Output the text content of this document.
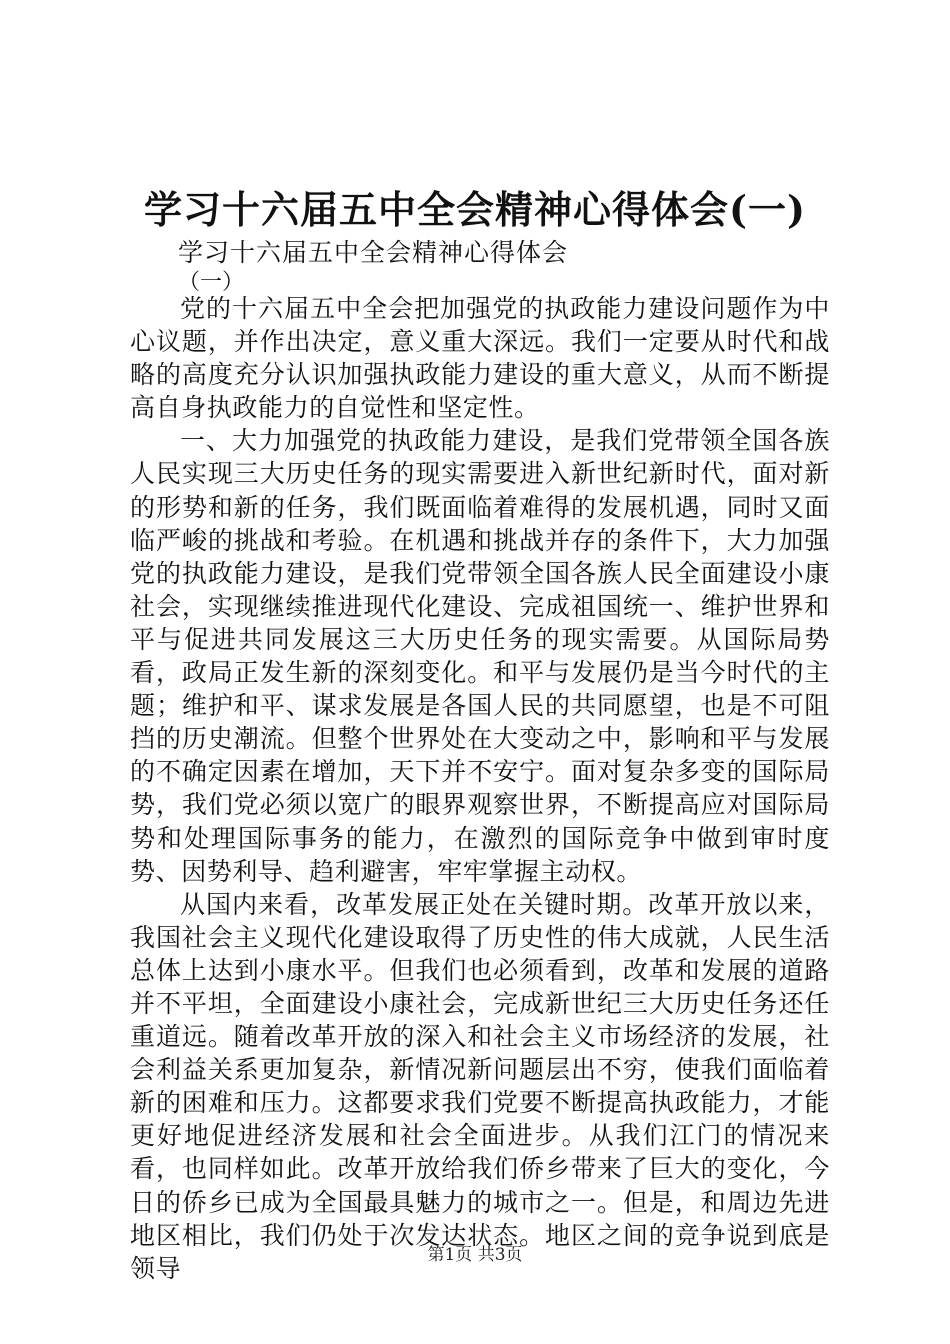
学习十六届五中全会精神心得体会(一)
学习十六届五中全会精神心得体会
（一）

党的十六届五中全会把加强党的执政能力建设问题作为中心议题，并作出决定，意义重大深远。我们一定要从时代和战略的高度充分认识加强执政能力建设的重大意义，从而不断提高自身执政能力的自觉性和坚定性。

一、大力加强党的执政能力建设，是我们党带领全国各族人民实现三大历史任务的现实需要进入新世纪新时代，面对新的形势和新的任务，我们既面临着难得的发展机遇，同时又面临严峻的挑战和考验。在机遇和挑战并存的条件下，大力加强党的执政能力建设，是我们党带领全国各族人民全面建设小康社会，实现继续推进现代化建设、完成祖国统一、维护世界和平与促进共同发展这三大历史任务的现实需要。从国际局势看，政局正发生新的深刻变化。和平与发展仍是当今时代的主题；维护和平、谋求发展是各国人民的共同愿望，也是不可阻挡的历史潮流。但整个世界处在大变动之中，影响和平与发展的不确定因素在增加，天下并不安宁。面对复杂多变的国际局势，我们党必须以宽广的眼界观察世界，不断提高应对国际局势和处理国际事务的能力，在激烈的国际竞争中做到审时度势、因势利导、趋利避害，牢牢掌握主动权。

从国内来看，改革发展正处在关键时期。改革开放以来，我国社会主义现代化建设取得了历史性的伟大成就，人民生活总体上达到小康水平。但我们也必须看到，改革和发展的道路并不平坦，全面建设小康社会，完成新世纪三大历史任务还任重道远。随着改革开放的深入和社会主义市场经济的发展，社会利益关系更加复杂，新情况新问题层出不穷，使我们面临着新的困难和压力。这都要求我们党要不断提高执政能力，才能更好地促进经济发展和社会全面进步。从我们江门的情况来看，也同样如此。改革开放给我们侨乡带来了巨大的变化，今日的侨乡已成为全国最具魅力的城市之一。但是，和周边先进地区相比，我们仍处于次发达状态。地区之间的竞争说到底是领导	第1页 共3页
